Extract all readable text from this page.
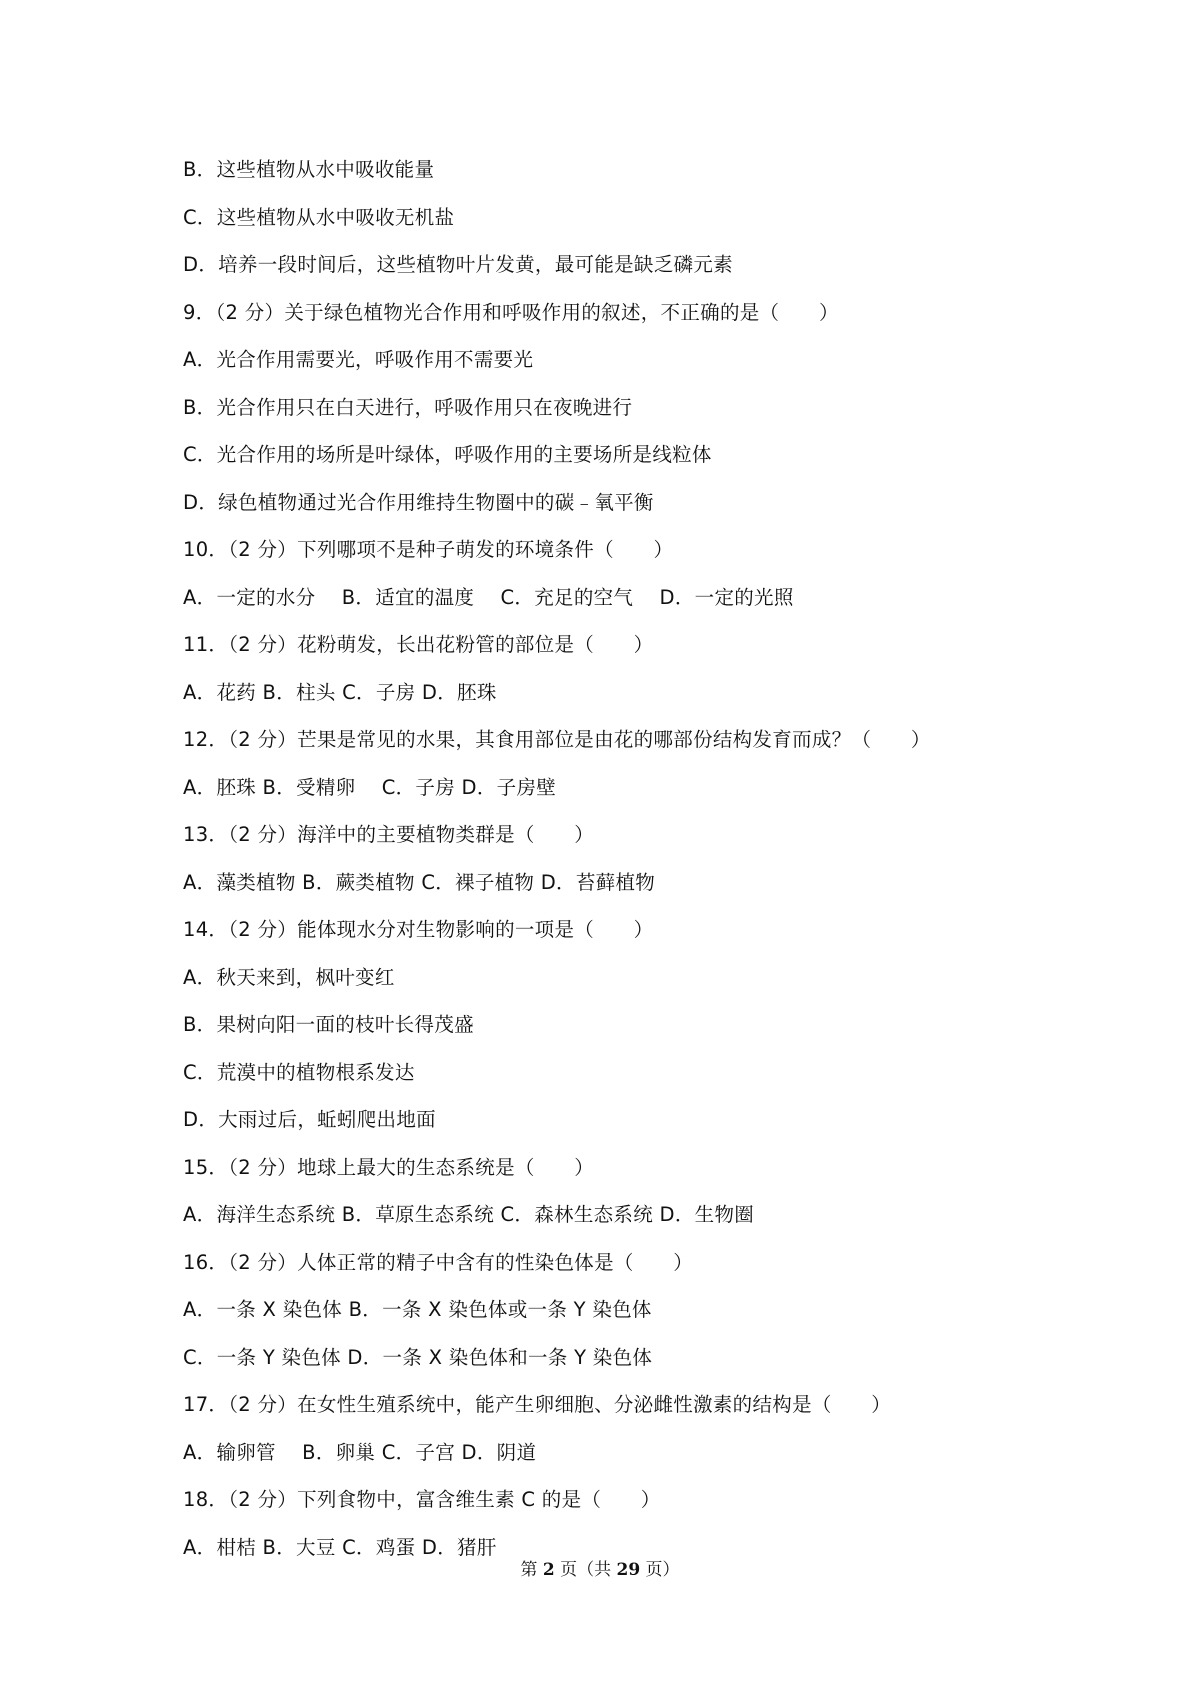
B．这些植物从水中吸收能量
C．这些植物从水中吸收无机盐
D．培养一段时间后，这些植物叶片发黄，最可能是缺乏磷元素
9．（2 分）关于绿色植物光合作用和呼吸作用的叙述，不正确的是（　　）
A．光合作用需要光，呼吸作用不需要光
B．光合作用只在白天进行，呼吸作用只在夜晚进行
C．光合作用的场所是叶绿体，呼吸作用的主要场所是线粒体
D．绿色植物通过光合作用维持生物圈中的碳﹣氧平衡
10．（2 分）下列哪项不是种子萌发的环境条件（　　）
A．一定的水分　 B．适宜的温度　 C．充足的空气　 D．一定的光照
11．（2 分）花粉萌发，长出花粉管的部位是（　　）
A．花药 B．柱头 C．子房 D．胚珠
12．（2 分）芒果是常见的水果，其食用部位是由花的哪部份结构发育而成？（　　）
A．胚珠 B．受精卵　 C．子房 D．子房壁
13．（2 分）海洋中的主要植物类群是（　　）
A．藻类植物 B．蕨类植物 C．裸子植物 D．苔藓植物
14．（2 分）能体现水分对生物影响的一项是（　　）
A．秋天来到，枫叶变红
B．果树向阳一面的枝叶长得茂盛
C．荒漠中的植物根系发达
D．大雨过后，蚯蚓爬出地面
15．（2 分）地球上最大的生态系统是（　　）
A．海洋生态系统 B．草原生态系统 C．森林生态系统 D．生物圈
16．（2 分）人体正常的精子中含有的性染色体是（　　）
A．一条 X 染色体 B．一条 X 染色体或一条 Y 染色体
C．一条 Y 染色体 D．一条 X 染色体和一条 Y 染色体
17．（2 分）在女性生殖系统中，能产生卵细胞、分泌雌性激素的结构是（　　）
A．输卵管　 B．卵巢 C．子宫 D．阴道
18．（2 分）下列食物中，富含维生素 C 的是（　　）
A．柑桔 B．大豆 C．鸡蛋 D．猪肝
第 2 页（共 29 页）
